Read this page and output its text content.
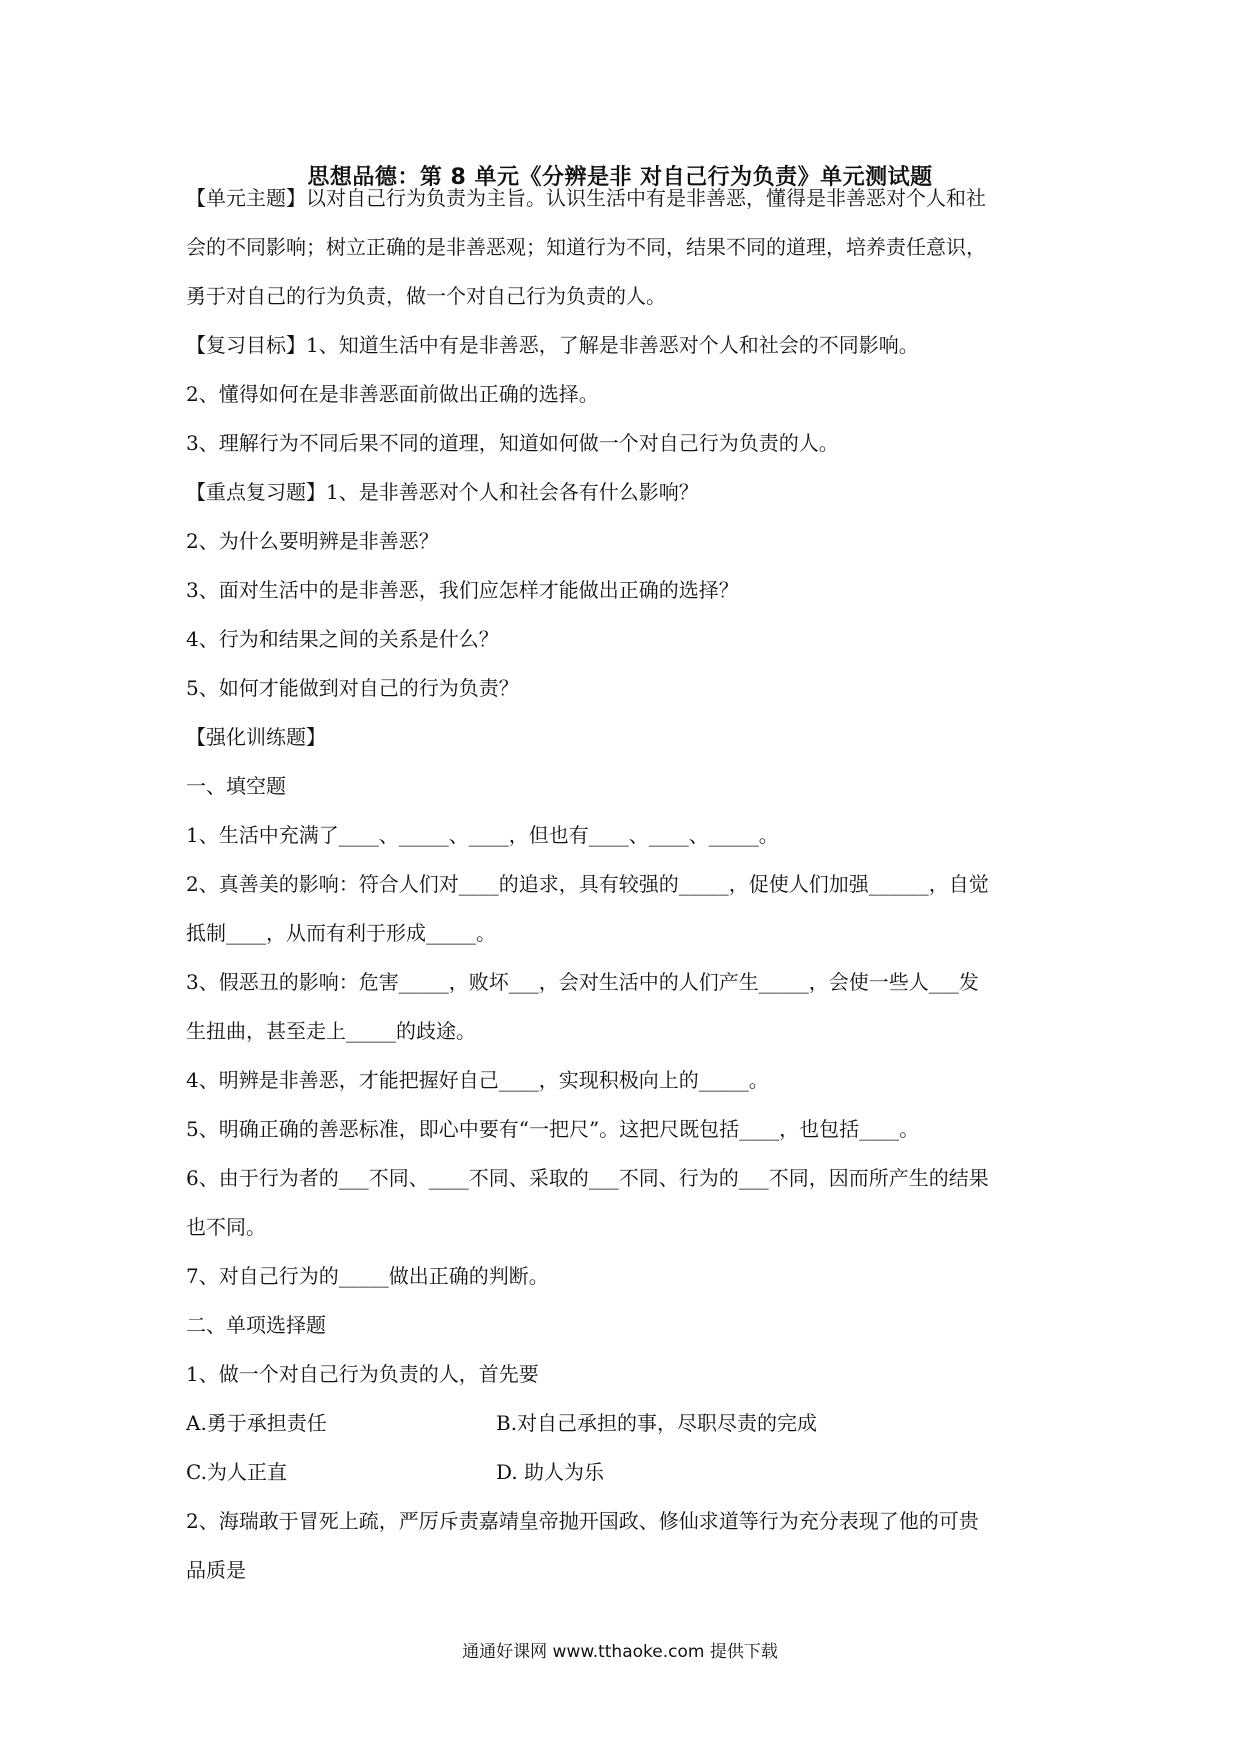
思想品德：第 8 单元《分辨是非 对自己行为负责》单元测试题
【单元主题】以对自己行为负责为主旨。认识生活中有是非善恶，懂得是非善恶对个人和社
会的不同影响；树立正确的是非善恶观；知道行为不同，结果不同的道理，培养责任意识，
勇于对自己的行为负责，做一个对自己行为负责的人。
【复习目标】1、知道生活中有是非善恶，了解是非善恶对个人和社会的不同影响。
2、懂得如何在是非善恶面前做出正确的选择。
3、理解行为不同后果不同的道理，知道如何做一个对自己行为负责的人。
【重点复习题】1、是非善恶对个人和社会各有什么影响？
2、为什么要明辨是非善恶？
3、面对生活中的是非善恶，我们应怎样才能做出正确的选择？
4、行为和结果之间的关系是什么？
5、如何才能做到对自己的行为负责？
【强化训练题】
一、填空题
1、生活中充满了____、_____、____，但也有____、____、_____。
2、真善美的影响：符合人们对____的追求，具有较强的_____，促使人们加强______，自觉
抵制____，从而有利于形成_____。
3、假恶丑的影响：危害_____，败坏___，会对生活中的人们产生_____，会使一些人___发
生扭曲，甚至走上_____的歧途。
4、明辨是非善恶，才能把握好自己____，实现积极向上的_____。
5、明确正确的善恶标准，即心中要有“一把尺”。这把尺既包括____，也包括____。
6、由于行为者的___不同、____不同、采取的___不同、行为的___不同，因而所产生的结果
也不同。
7、对自己行为的_____做出正确的判断。
二、单项选择题
1、做一个对自己行为负责的人，首先要
A.勇于承担责任	B.对自己承担的事，尽职尽责的完成
C.为人正直	D. 助人为乐
2、海瑞敢于冒死上疏，严厉斥责嘉靖皇帝抛开国政、修仙求道等行为充分表现了他的可贵
品质是
通通好课网 www.tthaoke.com 提供下载
